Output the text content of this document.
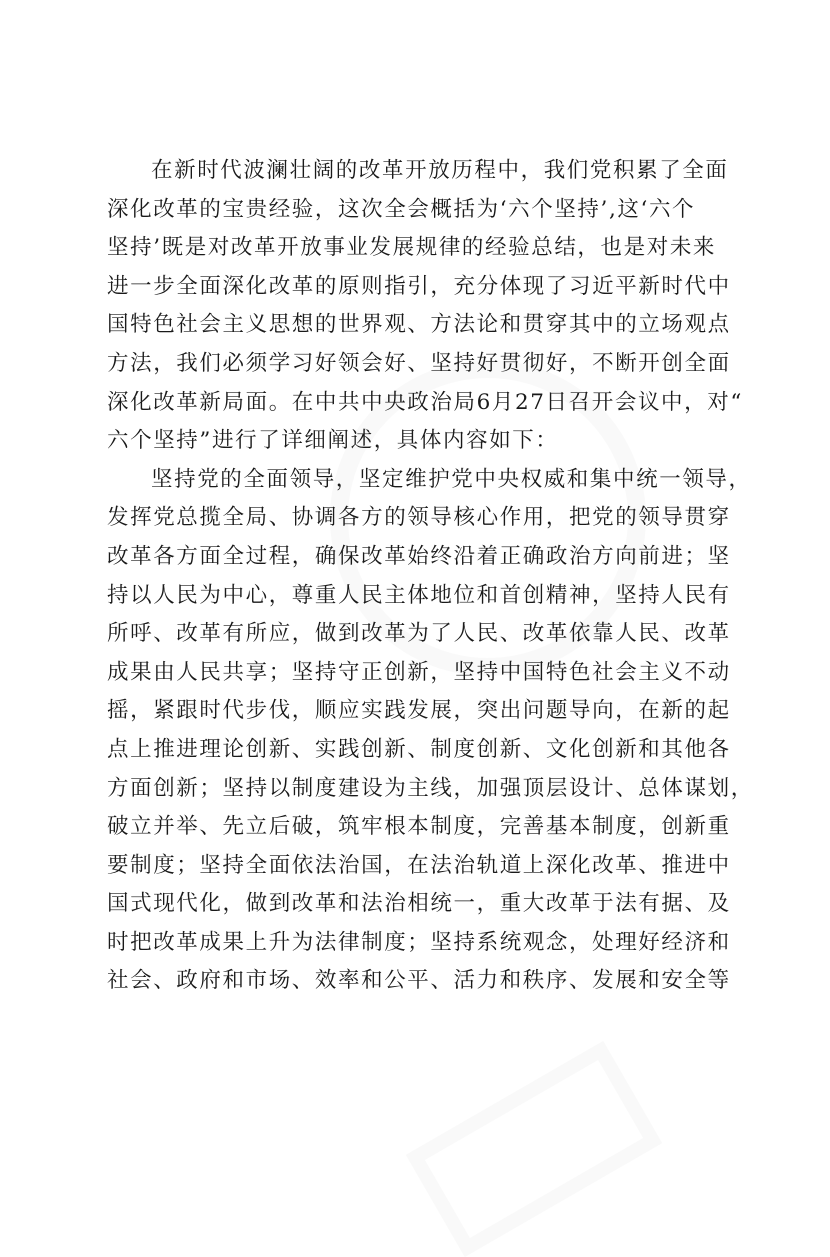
在新时代波澜壮阔的改革开放历程中，我们党积累了全面
深化改革的宝贵经验，这次全会概括为‘六个坚持’,这‘六个
坚持’既是对改革开放事业发展规律的经验总结，也是对未来
进一步全面深化改革的原则指引，充分体现了习近平新时代中
国特色社会主义思想的世界观、方法论和贯穿其中的立场观点
方法，我们必须学习好领会好、坚持好贯彻好，不断开创全面
深化改革新局面。在中共中央政治局6月27日召开会议中，对“
六个坚持”进行了详细阐述，具体内容如下：
坚持党的全面领导，坚定维护党中央权威和集中统一领导，
发挥党总揽全局、协调各方的领导核心作用，把党的领导贯穿
改革各方面全过程，确保改革始终沿着正确政治方向前进；坚
持以人民为中心，尊重人民主体地位和首创精神，坚持人民有
所呼、改革有所应，做到改革为了人民、改革依靠人民、改革
成果由人民共享；坚持守正创新，坚持中国特色社会主义不动
摇，紧跟时代步伐，顺应实践发展，突出问题导向，在新的起
点上推进理论创新、实践创新、制度创新、文化创新和其他各
方面创新；坚持以制度建设为主线，加强顶层设计、总体谋划，
破立并举、先立后破，筑牢根本制度，完善基本制度，创新重
要制度；坚持全面依法治国，在法治轨道上深化改革、推进中
国式现代化，做到改革和法治相统一，重大改革于法有据、及
时把改革成果上升为法律制度；坚持系统观念，处理好经济和
社会、政府和市场、效率和公平、活力和秩序、发展和安全等
